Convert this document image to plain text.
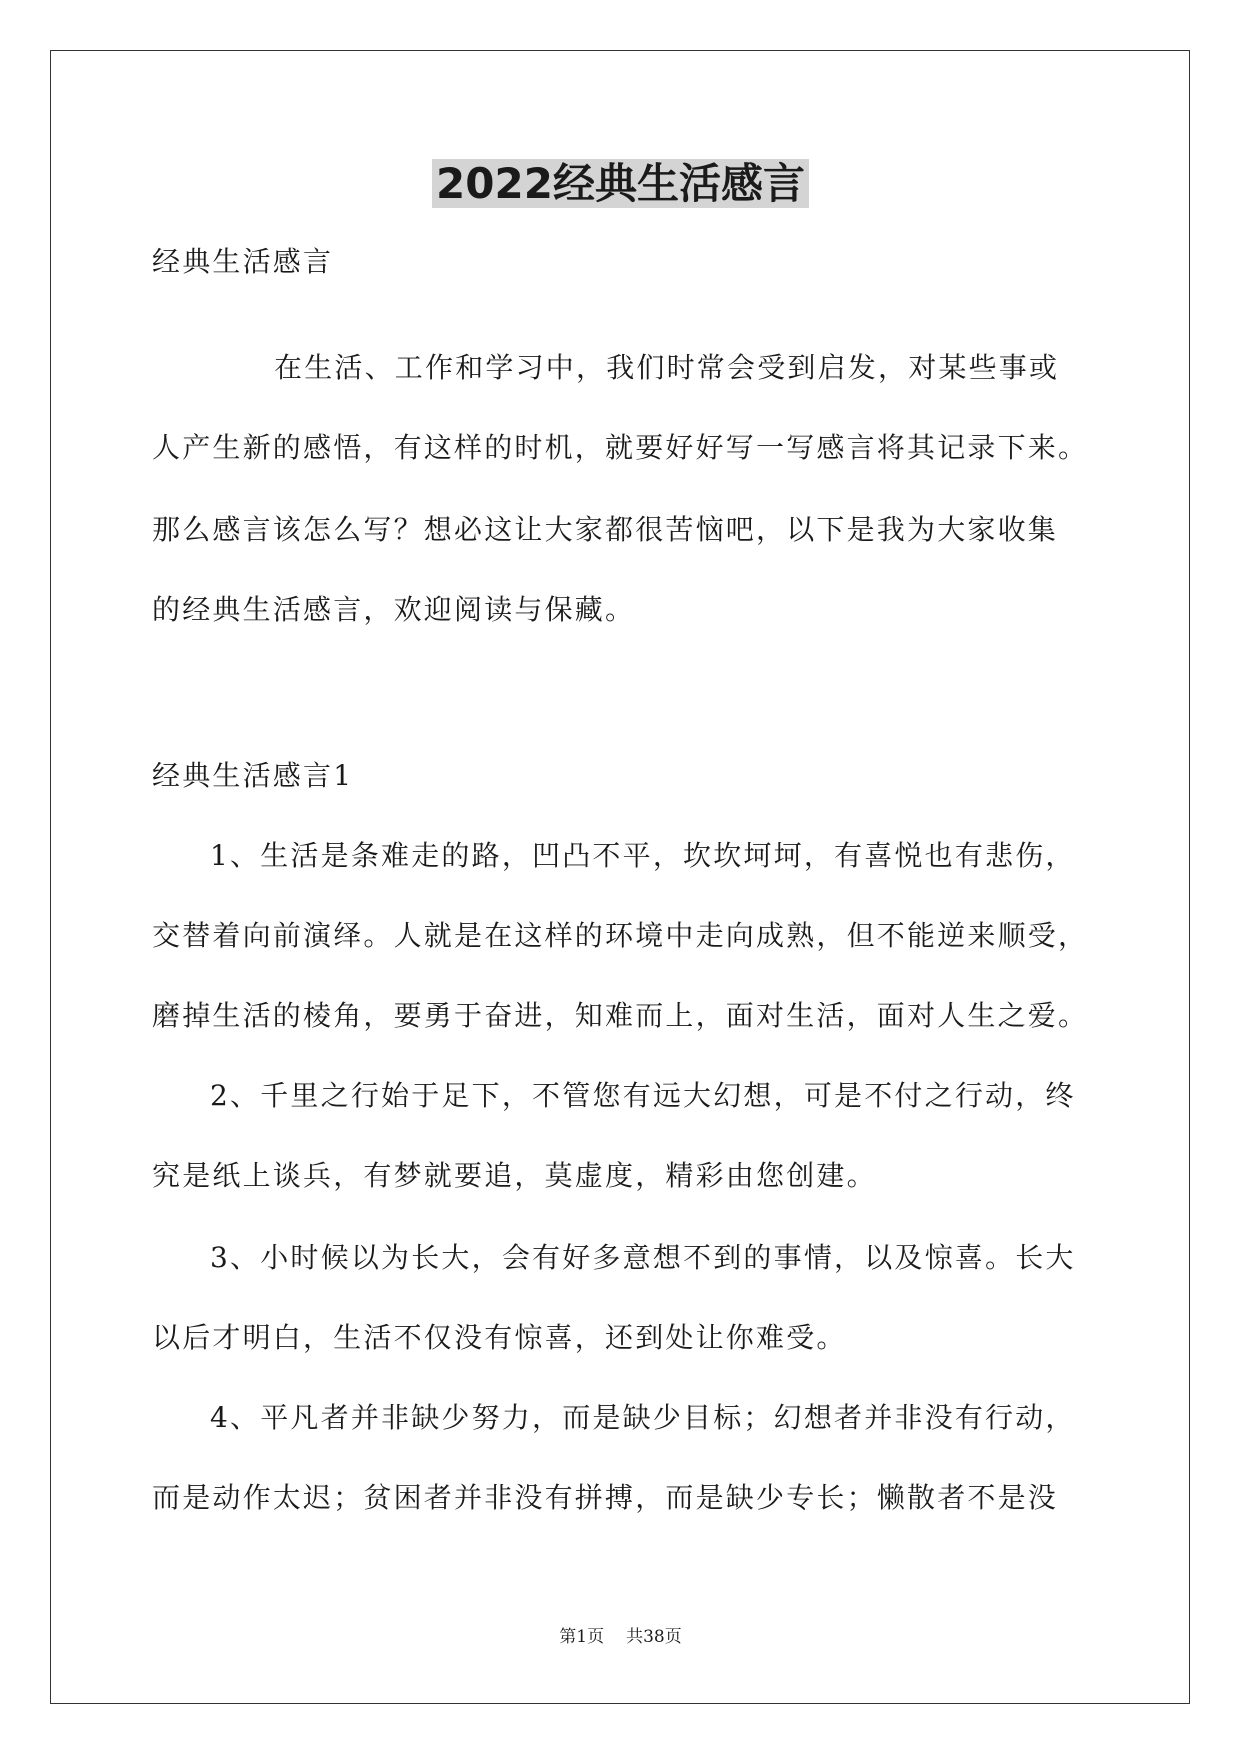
2022经典生活感言
经典生活感言
在生活、工作和学习中，我们时常会受到启发，对某些事或
人产生新的感悟，有这样的时机，就要好好写一写感言将其记录下来。
那么感言该怎么写？想必这让大家都很苦恼吧，以下是我为大家收集
的经典生活感言，欢迎阅读与保藏。
经典生活感言1
1、生活是条难走的路，凹凸不平，坎坎坷坷，有喜悦也有悲伤，
交替着向前演绎。人就是在这样的环境中走向成熟，但不能逆来顺受，
磨掉生活的棱角，要勇于奋进，知难而上，面对生活，面对人生之爱。
2、千里之行始于足下，不管您有远大幻想，可是不付之行动，终
究是纸上谈兵，有梦就要追，莫虚度，精彩由您创建。
3、小时候以为长大，会有好多意想不到的事情，以及惊喜。长大
以后才明白，生活不仅没有惊喜，还到处让你难受。
4、平凡者并非缺少努力，而是缺少目标；幻想者并非没有行动，
而是动作太迟；贫困者并非没有拼搏，而是缺少专长；懒散者不是没
第1页 共38页
